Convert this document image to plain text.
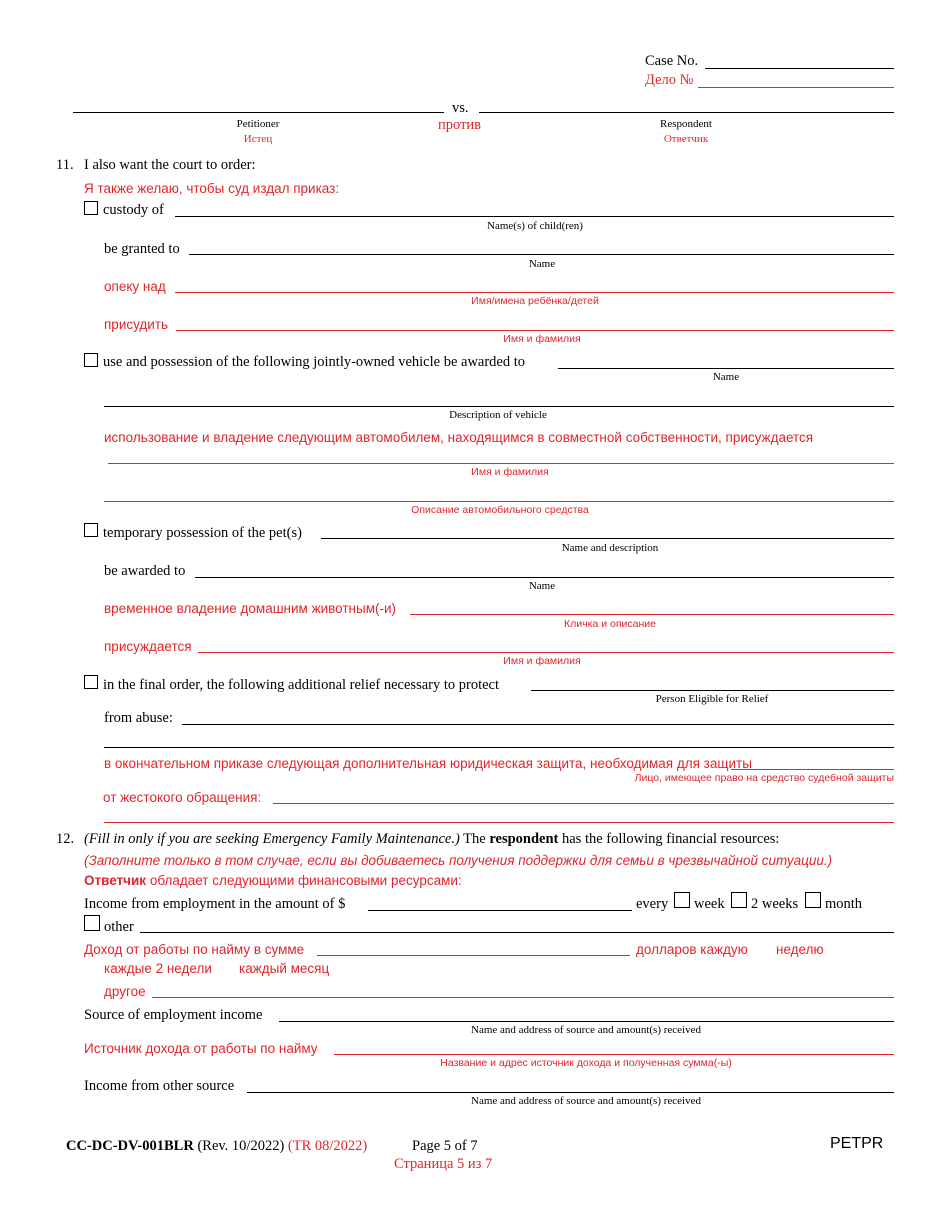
Case No.
Дело №
vs.
Petitioner	против	Respondent
Истец	Ответчик
11. I also want the court to order:
Я также желаю, чтобы суд издал приказ:
custody of
Name(s) of child(ren)
be granted to
Name
опеку над
Имя/имена ребёнка/детей
присудить
Имя и фамилия
use and possession of the following jointly-owned vehicle be awarded to
Name
Description of vehicle
использование и владение следующим автомобилем, находящимся в совместной собственности, присуждается
Имя и фамилия
Описание автомобильного средства
temporary possession of the pet(s)
Name and description
be awarded to
Name
временное владение домашним животным(-и)
Кличка и описание
присуждается
Имя и фамилия
in the final order, the following additional relief necessary to protect
Person Eligible for Relief
from abuse:
в окончательном приказе следующая дополнительная юридическая защита, необходимая для защиты
Лицо, имеющее право на средство судебной защиты
от жестокого обращения:
12. (Fill in only if you are seeking Emergency Family Maintenance.) The respondent has the following financial resources:
(Заполните только в том случае, если вы добиваетесь получения поддержки для семьи в чрезвычайной ситуации.)
Ответчик обладает следующими финансовыми ресурсами:
Income from employment in the amount of $	every week 2 weeks month
other
Доход от работы по найму в сумме	долларов каждую неделю
каждые 2 недели каждый месяц
другое
Source of employment income
Name and address of source and amount(s) received
Источник дохода от работы по найму
Название и адрес источник дохода и полученная сумма(-ы)
Income from other source
Name and address of source and amount(s) received
CC-DC-DV-001BLR (Rev. 10/2022) (TR 08/2022)	Page 5 of 7
Страница 5 из 7
PETPR
